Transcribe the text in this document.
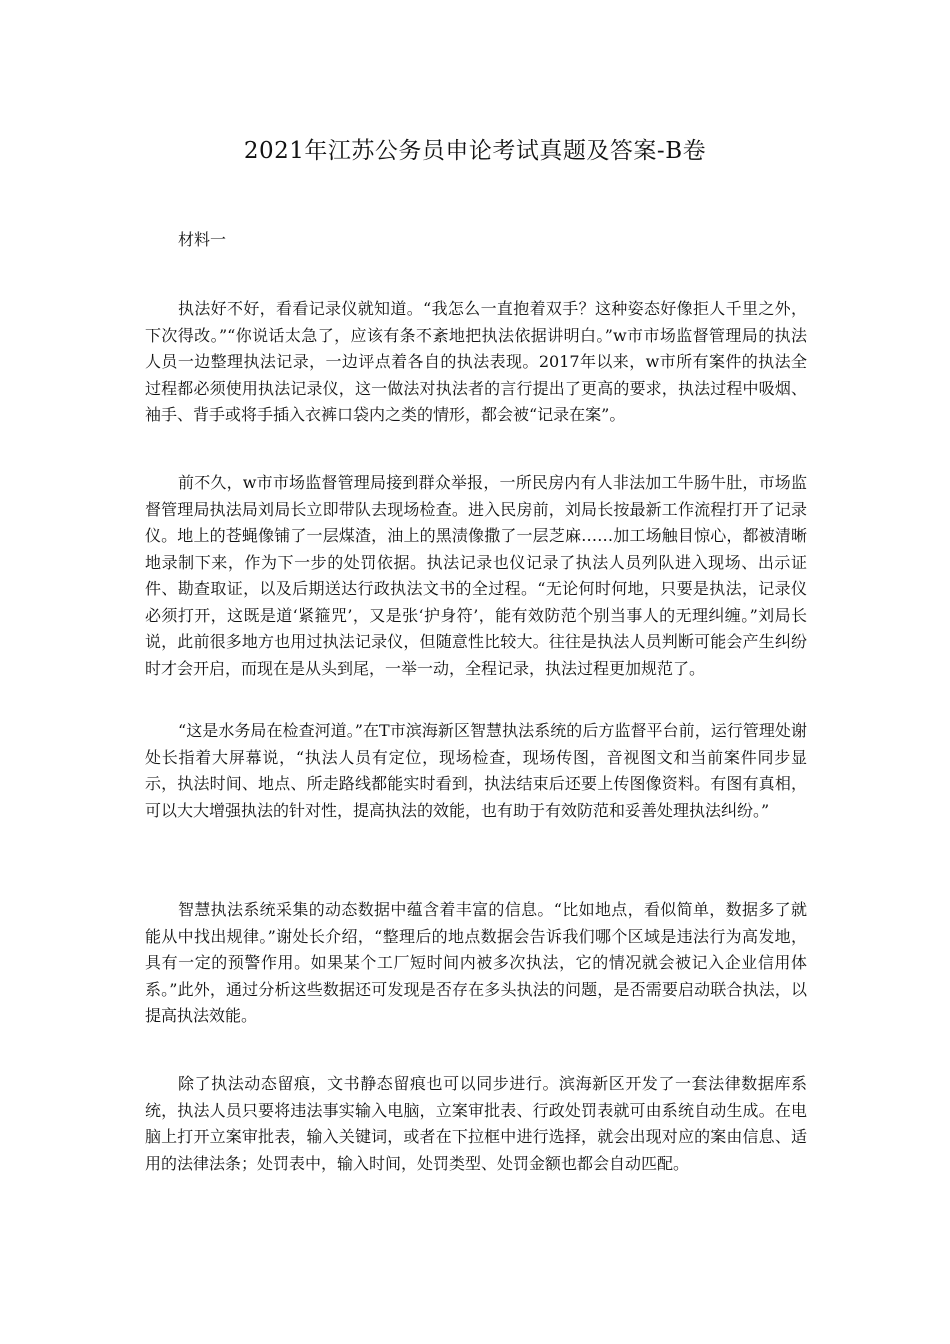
2021年江苏公务员申论考试真题及答案-B卷

材料一

执法好不好，看看记录仪就知道。“我怎么一直抱着双手？这种姿态好像拒人千里之外，下次得改。”“你说话太急了，应该有条不紊地把执法依据讲明白。”w市市场监督管理局的执法人员一边整理执法记录，一边评点着各自的执法表现。2017年以来，w市所有案件的执法全过程都必须使用执法记录仪，这一做法对执法者的言行提出了更高的要求，执法过程中吸烟、袖手、背手或将手插入衣裤口袋内之类的情形，都会被“记录在案”。

前不久，w市市场监督管理局接到群众举报，一所民房内有人非法加工牛肠牛肚，市场监督管理局执法局刘局长立即带队去现场检查。进入民房前，刘局长按最新工作流程打开了记录仪。地上的苍蝇像铺了一层煤渣，油上的黑渍像撒了一层芝麻……加工场触目惊心，都被清晰地录制下来，作为下一步的处罚依据。执法记录也仪记录了执法人员列队进入现场、出示证件、勘查取证，以及后期送达行政执法文书的全过程。“无论何时何地，只要是执法，记录仪必须打开，这既是道‘紧箍咒’，又是张‘护身符’，能有效防范个别当事人的无理纠缠。”刘局长说，此前很多地方也用过执法记录仪，但随意性比较大。往往是执法人员判断可能会产生纠纷时才会开启，而现在是从头到尾，一举一动，全程记录，执法过程更加规范了。

“这是水务局在检查河道。”在T市滨海新区智慧执法系统的后方监督平台前，运行管理处谢处长指着大屏幕说，“执法人员有定位，现场检查，现场传图，音视图文和当前案件同步显示，执法时间、地点、所走路线都能实时看到，执法结束后还要上传图像资料。有图有真相，可以大大增强执法的针对性，提高执法的效能，也有助于有效防范和妥善处理执法纠纷。”

智慧执法系统采集的动态数据中蕴含着丰富的信息。“比如地点，看似简单，数据多了就能从中找出规律。”谢处长介绍，“整理后的地点数据会告诉我们哪个区域是违法行为高发地，具有一定的预警作用。如果某个工厂短时间内被多次执法，它的情况就会被记入企业信用体系。”此外，通过分析这些数据还可发现是否存在多头执法的问题，是否需要启动联合执法，以提高执法效能。

除了执法动态留痕，文书静态留痕也可以同步进行。滨海新区开发了一套法律数据库系统，执法人员只要将违法事实输入电脑，立案审批表、行政处罚表就可由系统自动生成。在电脑上打开立案审批表，输入关键词，或者在下拉框中进行选择，就会出现对应的案由信息、适用的法律法条；处罚表中，输入时间，处罚类型、处罚金额也都会自动匹配。
